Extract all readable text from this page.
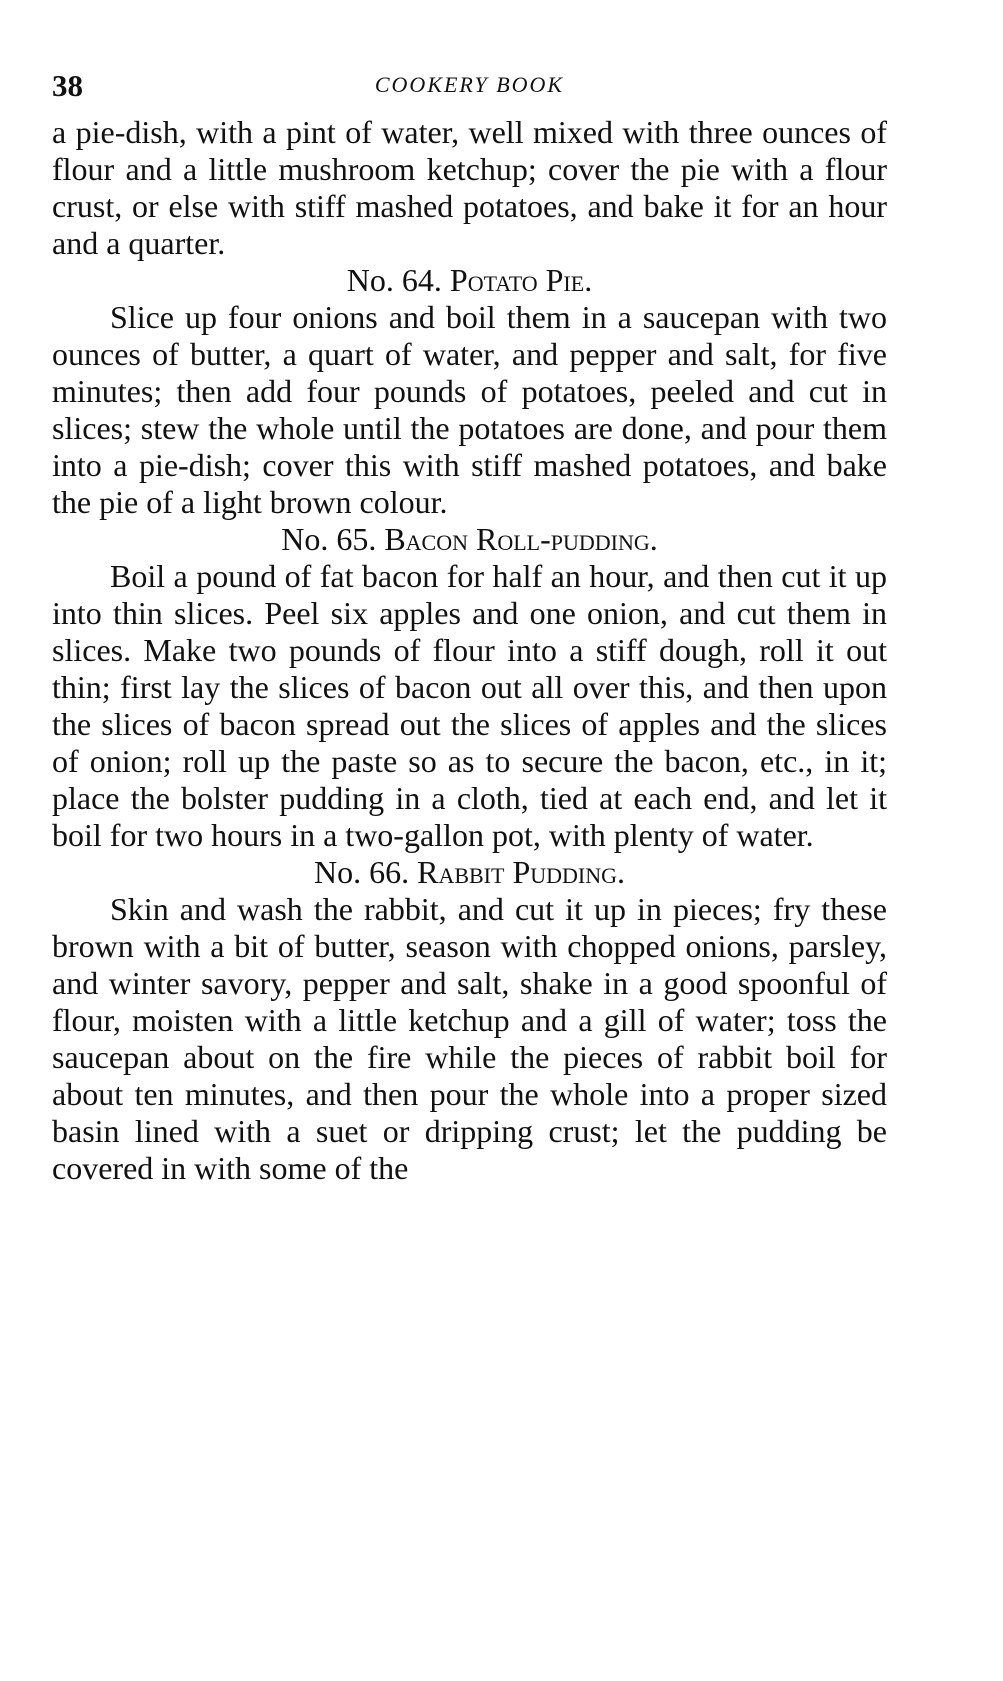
38	COOKERY BOOK

a pie-dish, with a pint of water, well mixed with three ounces of flour and a little mushroom ketchup; cover the pie with a flour crust, or else with stiff mashed potatoes, and bake it for an hour and a quarter.

No. 64. Potato Pie.

Slice up four onions and boil them in a saucepan with two ounces of butter, a quart of water, and pepper and salt, for five minutes; then add four pounds of potatoes, peeled and cut in slices; stew the whole until the potatoes are done, and pour them into a pie-dish; cover this with stiff mashed potatoes, and bake the pie of a light brown colour.

No. 65. Bacon Roll-pudding.

Boil a pound of fat bacon for half an hour, and then cut it up into thin slices. Peel six apples and one onion, and cut them in slices. Make two pounds of flour into a stiff dough, roll it out thin; first lay the slices of bacon out all over this, and then upon the slices of bacon spread out the slices of apples and the slices of onion; roll up the paste so as to secure the bacon, etc., in it; place the bolster pudding in a cloth, tied at each end, and let it boil for two hours in a two-gallon pot, with plenty of water.

No. 66. Rabbit Pudding.

Skin and wash the rabbit, and cut it up in pieces; fry these brown with a bit of butter, season with chopped onions, parsley, and winter savory, pepper and salt, shake in a good spoonful of flour, moisten with a little ketchup and a gill of water; toss the saucepan about on the fire while the pieces of rabbit boil for about ten minutes, and then pour the whole into a proper sized basin lined with a suet or dripping crust; let the pudding be covered in with some of the
